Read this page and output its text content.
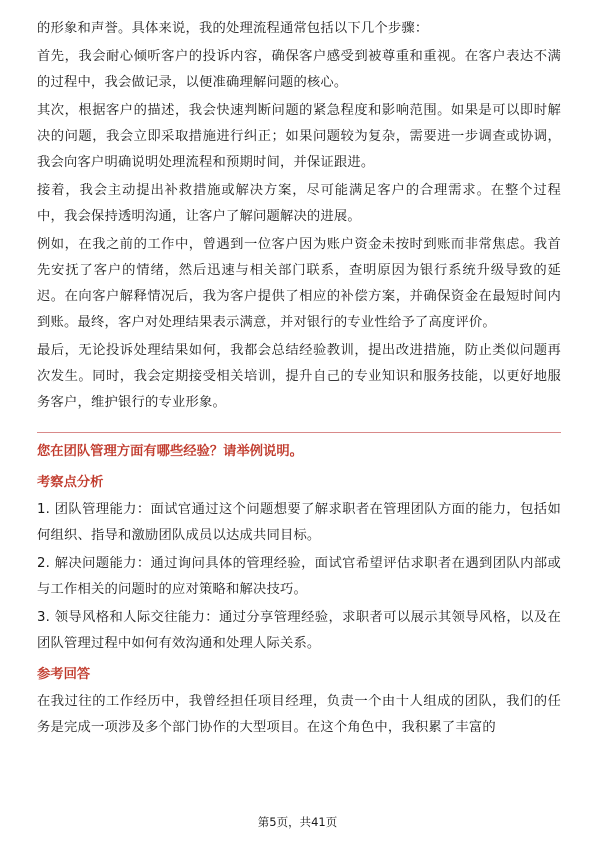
的形象和声誉。具体来说，我的处理流程通常包括以下几个步骤：

首先，我会耐心倾听客户的投诉内容，确保客户感受到被尊重和重视。在客户表达不满的过程中，我会做记录，以便准确理解问题的核心。

其次，根据客户的描述，我会快速判断问题的紧急程度和影响范围。如果是可以即时解决的问题，我会立即采取措施进行纠正；如果问题较为复杂，需要进一步调查或协调，我会向客户明确说明处理流程和预期时间，并保证跟进。

接着，我会主动提出补救措施或解决方案，尽可能满足客户的合理需求。在整个过程中，我会保持透明沟通，让客户了解问题解决的进展。

例如，在我之前的工作中，曾遇到一位客户因为账户资金未按时到账而非常焦虑。我首先安抚了客户的情绪，然后迅速与相关部门联系，查明原因为银行系统升级导致的延迟。在向客户解释情况后，我为客户提供了相应的补偿方案，并确保资金在最短时间内到账。最终，客户对处理结果表示满意，并对银行的专业性给予了高度评价。

最后，无论投诉处理结果如何，我都会总结经验教训，提出改进措施，防止类似问题再次发生。同时，我会定期接受相关培训，提升自己的专业知识和服务技能，以更好地服务客户，维护银行的专业形象。

您在团队管理方面有哪些经验？请举例说明。

考察点分析

1. 团队管理能力：面试官通过这个问题想要了解求职者在管理团队方面的能力，包括如何组织、指导和激励团队成员以达成共同目标。

2. 解决问题能力：通过询问具体的管理经验，面试官希望评估求职者在遇到团队内部或与工作相关的问题时的应对策略和解决技巧。

3. 领导风格和人际交往能力：通过分享管理经验，求职者可以展示其领导风格，以及在团队管理过程中如何有效沟通和处理人际关系。

参考回答

在我过往的工作经历中，我曾经担任项目经理，负责一个由十人组成的团队，我们的任务是完成一项涉及多个部门协作的大型项目。在这个角色中，我积累了丰富的

第5页，共41页
